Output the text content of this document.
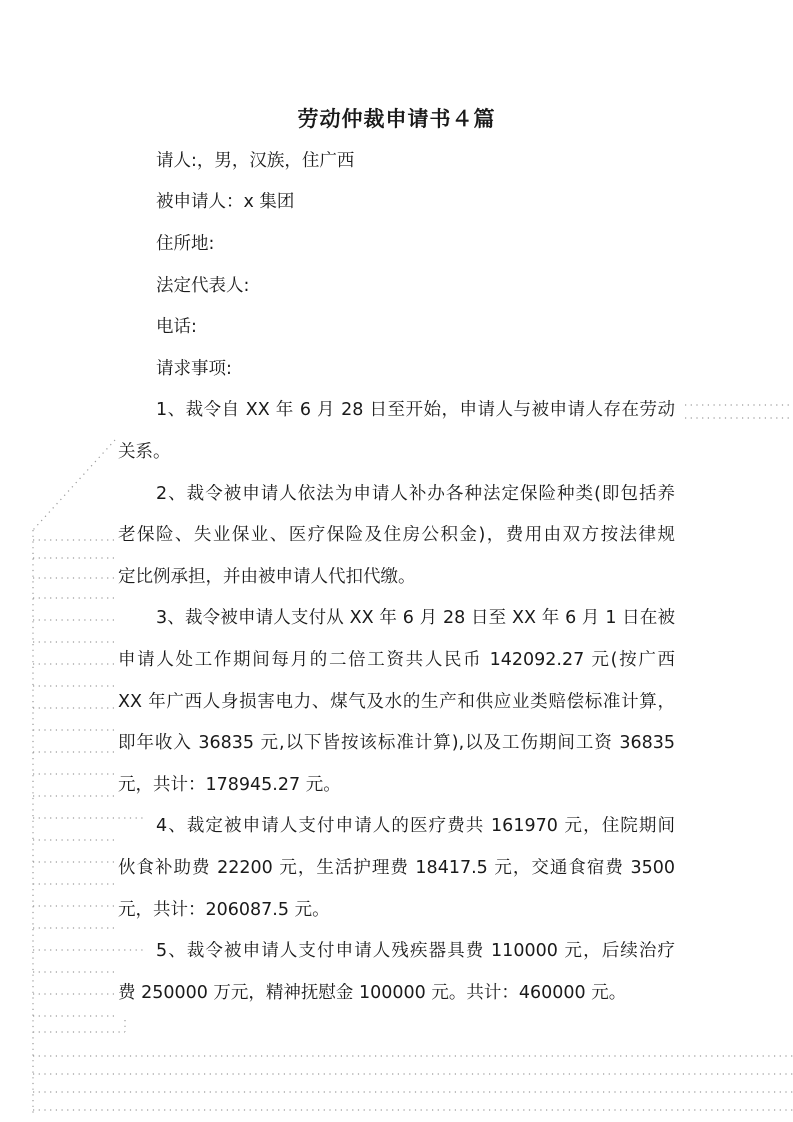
劳动仲裁申请书４篇
请人:，男，汉族，住广西
被申请人：x 集团
住所地:
法定代表人:
电话:
请求事项:
1、裁令自 XX 年 6 月 28 日至开始，申请人与被申请人存在劳动
关系。
2、裁令被申请人依法为申请人补办各种法定保险种类(即包括养
老保险、失业保业、医疗保险及住房公积金)，费用由双方按法律规
定比例承担，并由被申请人代扣代缴。
3、裁令被申请人支付从 XX 年 6 月 28 日至 XX 年 6 月 1 日在被
申请人处工作期间每月的二倍工资共人民币 142092.27 元(按广西
XX 年广西人身损害电力、煤气及水的生产和供应业类赔偿标准计算，
即年收入 36835 元,以下皆按该标准计算),以及工伤期间工资 36835
元，共计：178945.27 元。
4、裁定被申请人支付申请人的医疗费共 161970 元，住院期间
伙食补助费 22200 元，生活护理费 18417.5 元，交通食宿费 3500
元，共计：206087.5 元。
5、裁令被申请人支付申请人残疾器具费 110000 元，后续治疗
费 250000 万元，精神抚慰金 100000 元。共计：460000 元。
